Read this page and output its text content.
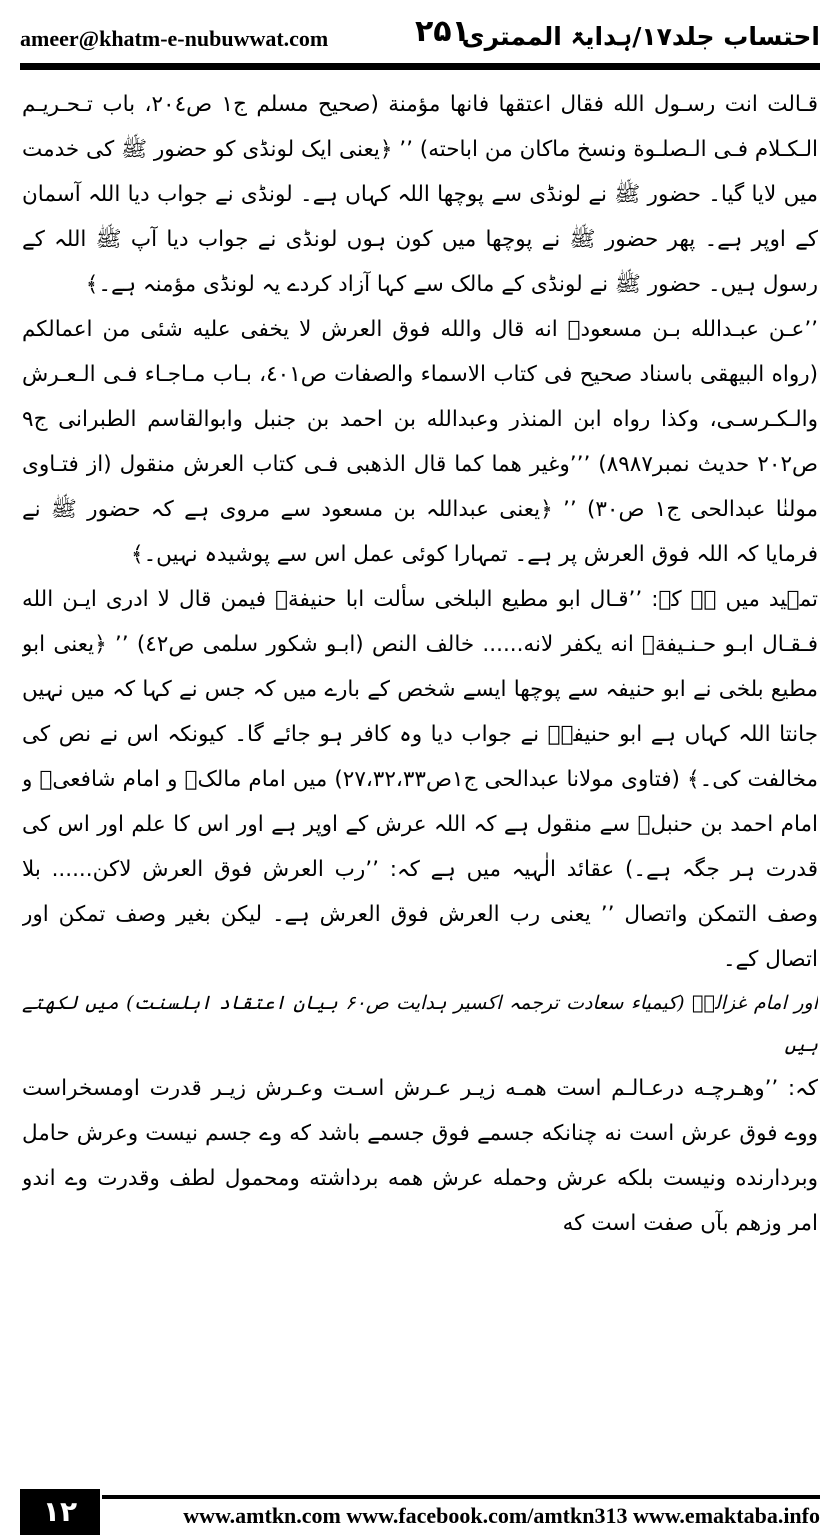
ameer@khatm-e-nubuwwat.com	۲۵۱
احتساب جلد۱۷/ہدایۃ الممتری

قـالت انت رسـول الله فقال اعتقها فانها مؤمنة (صحيح مسلم ج١ ص٢٠٤، باب تـحـريـم الـكـلام فـى الـصلـوة ونسخ ماكان من اباحته) ’’ ﴿یعنی ایک لونڈی کو حضور ﷺ کی خدمت میں لایا گیا۔ حضور ﷺ نے لونڈی سے پوچھا اللہ کہاں ہے۔ لونڈی نے جواب دیا اللہ آسمان کے اوپر ہے۔ پھر حضور ﷺ نے پوچھا میں کون ہوں لونڈی نے جواب دیا آپ ﷺ اللہ کے رسول ہیں۔ حضور ﷺ نے لونڈی کے مالک سے کہا آزاد کردے یہ لونڈی مؤمنہ ہے۔﴾

’’عـن عبـدالله بـن مسعودؓ انه قال والله فوق العرش لا يخفى عليه شئى من اعمالكم (رواه البيهقى باسناد صحيح فى كتاب الاسماء والصفات ص٤٠١، بـاب مـاجـاء فـى الـعـرش والـكـرسـى، وكذا رواه ابن المنذر وعبدالله بن احمد بن جنبل وابوالقاسم الطبرانى ج٩ ص٢٠٢ حديث نمبر٨٩٨٧) ’’’وغير هما كما قال الذهبى فـى كتاب العرش منقول (از فتـاوى مولنٰا عبدالحى ج١ ص٣٠) ’’ ﴿یعنی عبداللہ بن مسعود سے مروی ہے کہ حضور ﷺ نے فرمایا کہ اللہ فوق العرش پر ہے۔ تمہارا کوئی عمل اس سے پوشیدہ نہیں۔﴾

تمہید میں ہے کہ: ’’قـال ابو مطيع البلخى سألت ابا حنيفةؒ فيمن قال لا ادرى ايـن الله فـقـال ابـو حـنـيفةؒ انه يكفر لانه...... خالف النص (ابـو شكور سلمى ص٤٢) ’’ ﴿یعنی ابو مطیع بلخی نے ابو حنیفہ سے پوچھا ایسے شخص کے بارے میں کہ جس نے کہا کہ میں نہیں جانتا اللہ کہاں ہے ابو حنیفہؒ نے جواب دیا وہ کافر ہو جائے گا۔ کیونکہ اس نے نص کی مخالفت کی۔﴾ (فتاوی مولانا عبدالحی ج۱ص۲۷،۳۲،۳۳) میں امام مالکؒ و امام شافعیؒ و امام احمد بن حنبلؒ سے منقول ہے کہ اللہ عرش کے اوپر ہے اور اس کا علم اور اس کی قدرت ہر جگہ ہے۔) عقائد الٰہیہ میں ہے کہ: ’’رب العرش فوق العرش لاكن...... بلا وصف التمكن واتصال ’’ یعنی رب العرش فوق العرش ہے۔ لیکن بغیر وصف تمکن اور اتصال کے۔

اور امام غزالیؒ (کیمیاء سعادت ترجمہ اکسیر ہدایت ص۶۰ بیان اعتقاد اہلسنت) میں لکھتے ہیں

کہ: ’’وهـرچـه درعـالـم است همـه زيـر عـرش اسـت وعـرش زيـر قدرت اومسخراست ووے فوق عرش است نه چنانكه جسمے فوق جسمے باشد كه وے جسم نيست وعرش حامل وبردارنده ونيست بلكه عرش وحمله عرش همه برداشته ومحمول لطف وقدرت وے اندو امر وزهم بآں صفت است كه

۱۲	www.amtkn.com www.facebook.com/amtkn313 www.emaktaba.info
